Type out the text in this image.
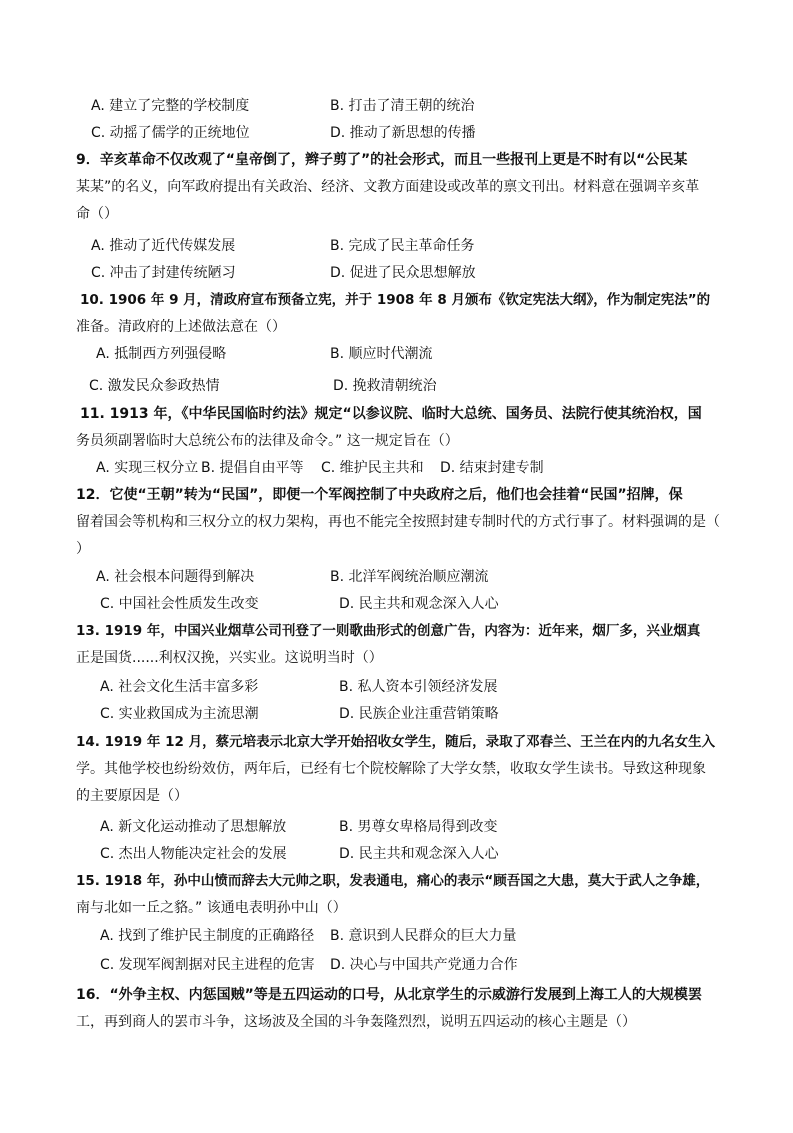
A. 建立了完整的学校制度	B. 打击了清王朝的统治
C. 动摇了儒学的正统地位	D. 推动了新思想的传播
9．辛亥革命不仅改观了“皇帝倒了，辫子剪了”的社会形式，而且一些报刊上更是不时有以“公民某
某某”的名义，向军政府提出有关政治、经济、文教方面建设或改革的禀文刊出。材料意在强调辛亥革
命（）
A. 推动了近代传媒发展	B. 完成了民主革命任务
C. 冲击了封建传统陋习	D. 促进了民众思想解放
10. 1906 年 9 月，清政府宣布预备立宪，并于 1908 年 8 月颁布《钦定宪法大纲》，作为制定宪法”的
准备。清政府的上述做法意在（）
A. 抵制西方列强侵略	B. 顺应时代潮流
C. 激发民众参政热情	D. 挽救清朝统治
11. 1913 年，《中华民国临时约法》规定“以参议院、临时大总统、国务员、法院行使其统治权，国
务员须副署临时大总统公布的法律及命令。” 这一规定旨在（）
A. 实现三权分立 B. 提倡自由平等 C. 维护民主共和 D. 结束封建专制
12．它使“王朝”转为“民国”，即便一个军阀控制了中央政府之后，他们也会挂着“民国”招牌，保
留着国会等机构和三权分立的权力架构，再也不能完全按照封建专制时代的方式行事了。材料强调的是（
）
A. 社会根本问题得到解决	B. 北洋军阀统治顺应潮流
C. 中国社会性质发生改变	D. 民主共和观念深入人心
13. 1919 年，中国兴业烟草公司刊登了一则歌曲形式的创意广告，内容为：近年来，烟厂多，兴业烟真
正是国货......利权汉挽，兴实业。这说明当时（）
A. 社会文化生活丰富多彩	B. 私人资本引领经济发展
C. 实业救国成为主流思潮	D. 民族企业注重营销策略
14. 1919 年 12 月，蔡元培表示北京大学开始招收女学生，随后，录取了邓春兰、王兰在内的九名女生入
学。其他学校也纷纷效仿，两年后，已经有七个院校解除了大学女禁，收取女学生读书。导致这种现象
的主要原因是（）
A. 新文化运动推动了思想解放	B. 男尊女卑格局得到改变
C. 杰出人物能决定社会的发展	D. 民主共和观念深入人心
15. 1918 年，孙中山愤而辞去大元帅之职，发表通电，痛心的表示“顾吾国之大患，莫大于武人之争雄，
南与北如一丘之貉。” 该通电表明孙中山（）
A. 找到了维护民主制度的正确路径 B. 意识到人民群众的巨大力量
C. 发现军阀割据对民主进程的危害 D. 决心与中国共产党通力合作
16．“外争主权、内惩国贼”等是五四运动的口号，从北京学生的示威游行发展到上海工人的大规模罢
工，再到商人的罢市斗争，这场波及全国的斗争轰隆烈烈，说明五四运动的核心主题是（）
